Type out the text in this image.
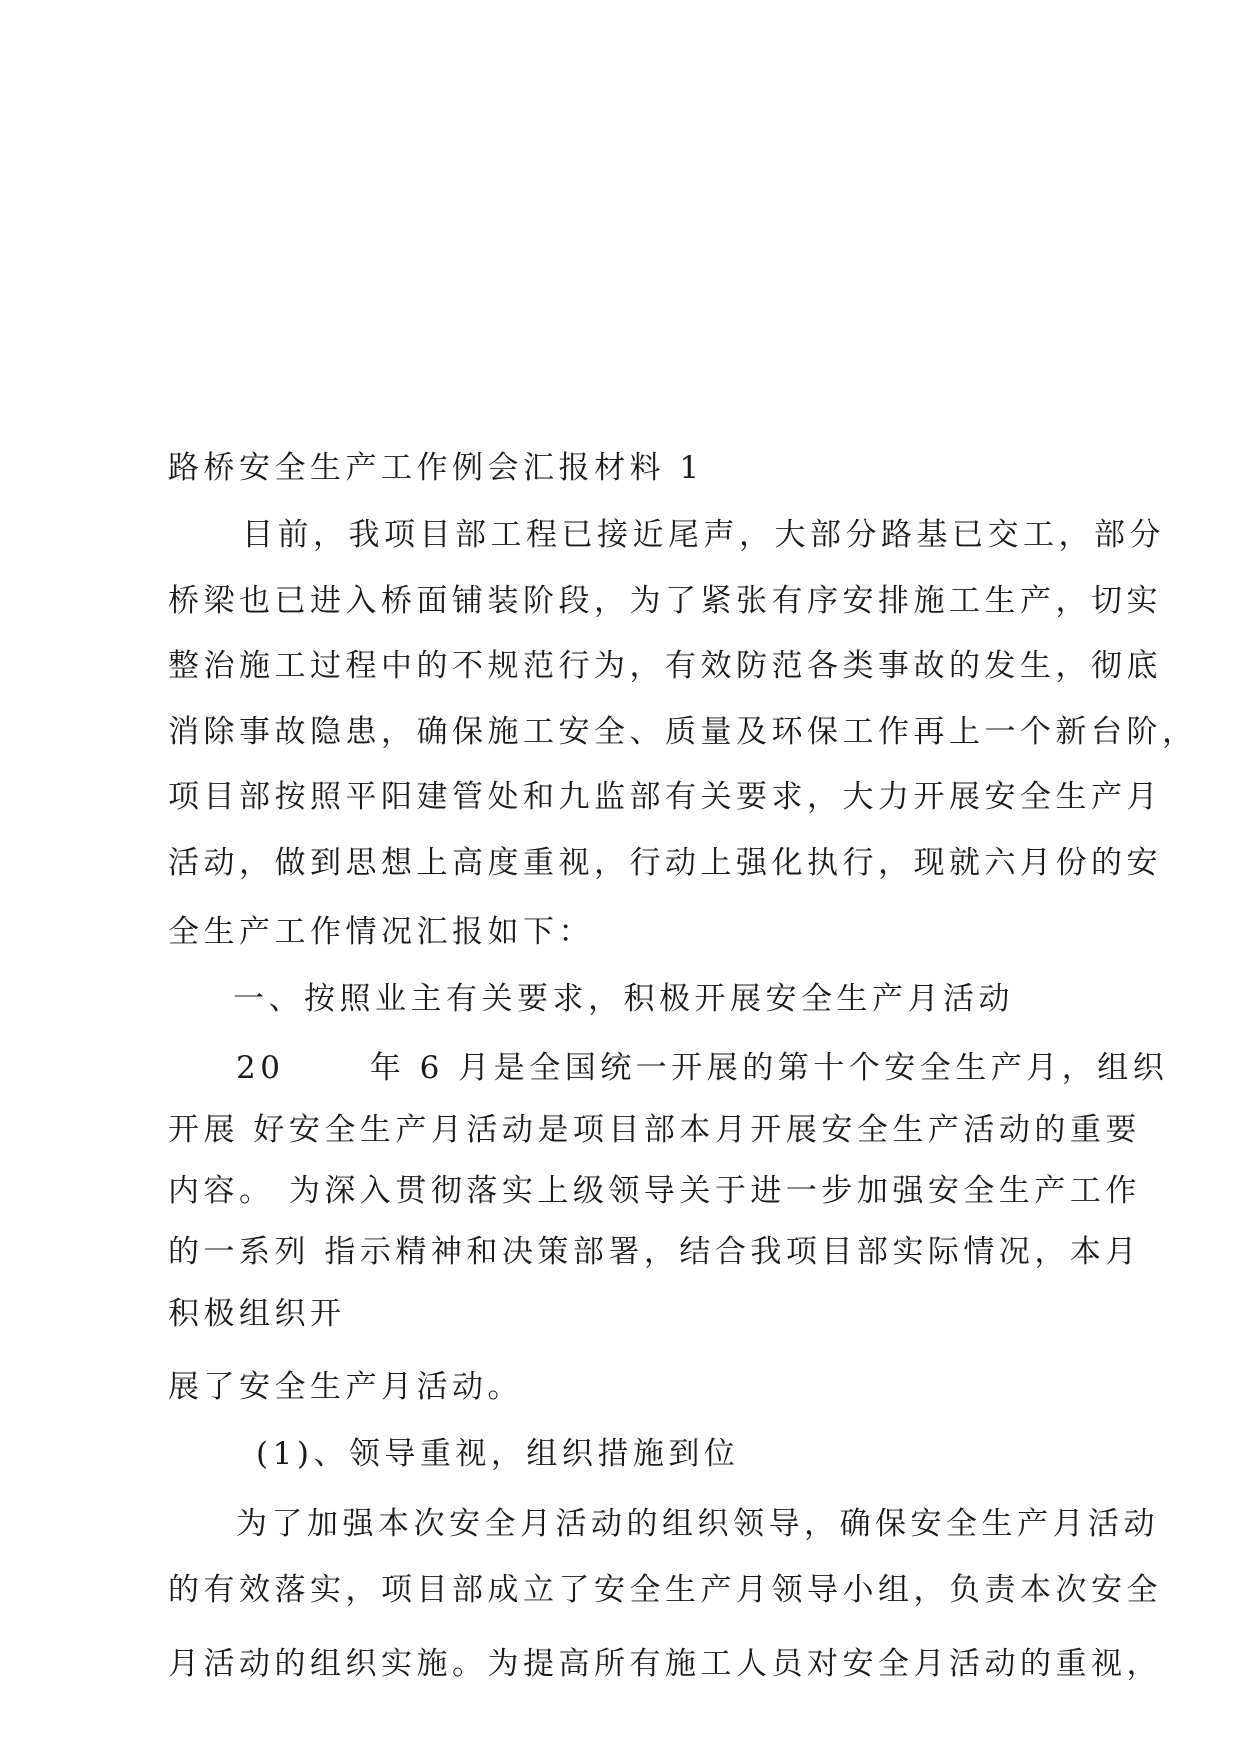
路桥安全生产工作例会汇报材料 1
目前，我项目部工程已接近尾声，大部分路基已交工，部分
桥梁也已进入桥面铺装阶段，为了紧张有序安排施工生产，切实
整治施工过程中的不规范行为，有效防范各类事故的发生，彻底
消除事故隐患，确保施工安全、质量及环保工作再上一个新台阶，
项目部按照平阳建管处和九监部有关要求，大力开展安全生产月
活动，做到思想上高度重视，行动上强化执行，现就六月份的安
全生产工作情况汇报如下：
一、按照业主有关要求，积极开展安全生产月活动
20　　 年 6 月是全国统一开展的第十个安全生产月，组织
开展 好安全生产月活动是项目部本月开展安全生产活动的重要
内容。 为深入贯彻落实上级领导关于进一步加强安全生产工作
的一系列 指示精神和决策部署，结合我项目部实际情况，本月
积极组织开
展了安全生产月活动。
(1)、领导重视，组织措施到位
为了加强本次安全月活动的组织领导，确保安全生产月活动
的有效落实，项目部成立了安全生产月领导小组，负责本次安全
月活动的组织实施。为提高所有施工人员对安全月活动的重视，
